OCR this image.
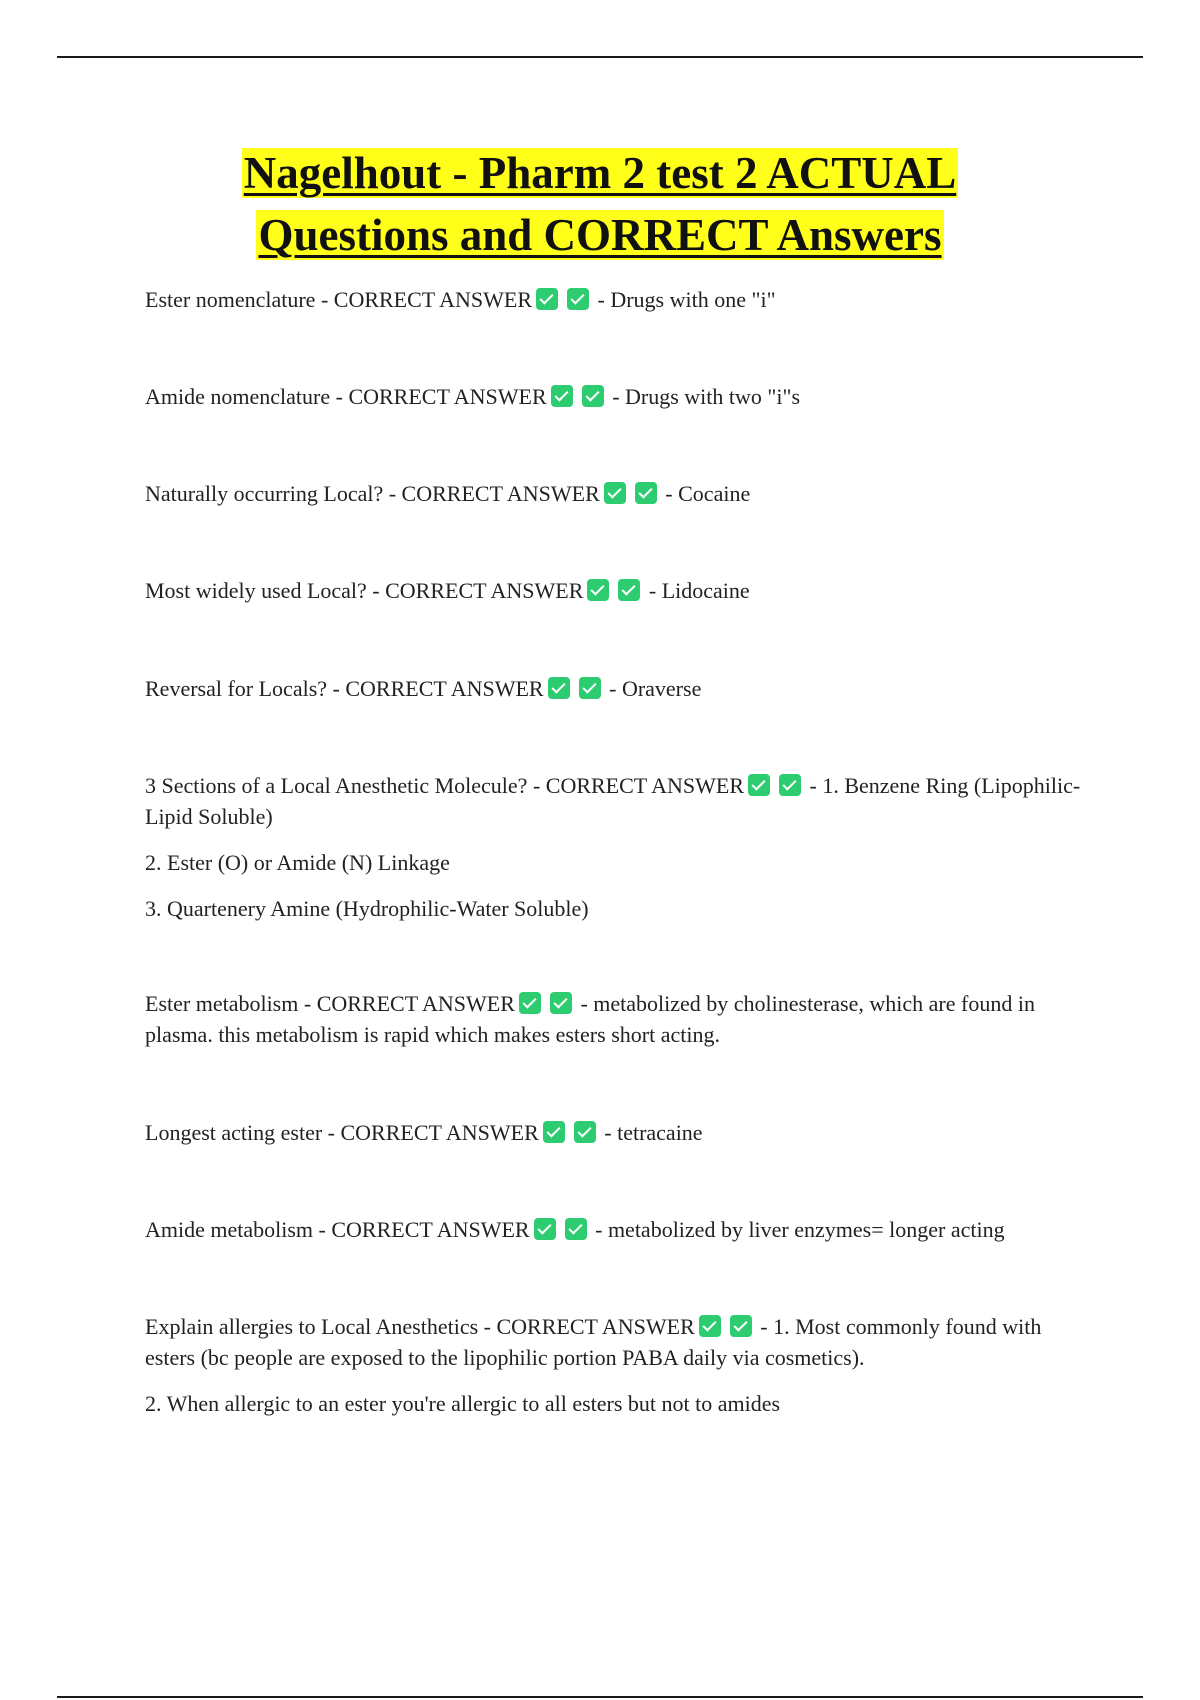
Nagelhout - Pharm 2 test 2 ACTUAL
Questions and CORRECT Answers

Ester nomenclature - CORRECT ANSWER	- Drugs with one "i"

Amide nomenclature - CORRECT ANSWER	- Drugs with two "i"s

Naturally occurring Local? - CORRECT ANSWER	- Cocaine

Most widely used Local? - CORRECT ANSWER	- Lidocaine

Reversal for Locals? - CORRECT ANSWER	- Oraverse

3 Sections of a Local Anesthetic Molecule? - CORRECT ANSWER	- 1. Benzene Ring (Lipophilic-Lipid Soluble)

2. Ester (O) or Amide (N) Linkage

3. Quartenery Amine (Hydrophilic-Water Soluble)

Ester metabolism - CORRECT ANSWER	- metabolized by cholinesterase, which are found in plasma. this metabolism is rapid which makes esters short acting.

Longest acting ester - CORRECT ANSWER	- tetracaine

Amide metabolism - CORRECT ANSWER	- metabolized by liver enzymes= longer acting

Explain allergies to Local Anesthetics - CORRECT ANSWER	- 1. Most commonly found with esters (bc people are exposed to the lipophilic portion PABA daily via cosmetics).

2. When allergic to an ester you're allergic to all esters but not to amides
